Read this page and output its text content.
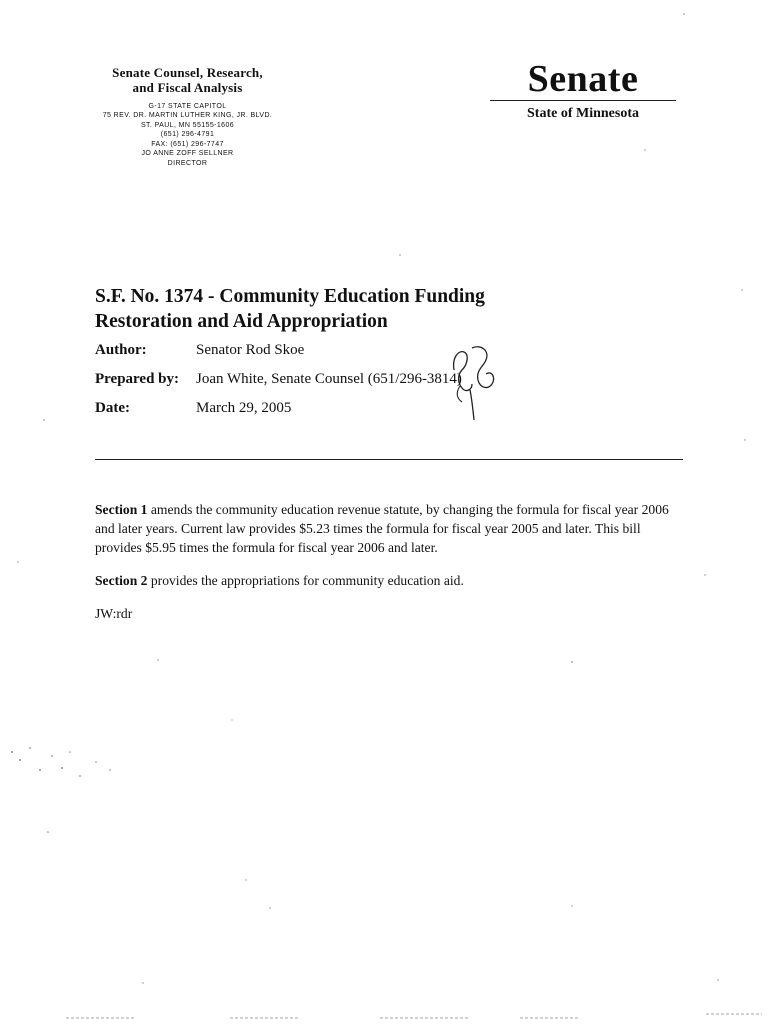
Senate Counsel, Research,
and Fiscal Analysis
G-17 STATE CAPITOL
75 REV. DR. MARTIN LUTHER KING, JR. BLVD.
ST. PAUL, MN 55155-1606
(651) 296-4791
FAX: (651) 296-7747
JO ANNE ZOFF SELLNER
DIRECTOR
Senate
State of Minnesota
S.F. No. 1374 - Community Education Funding
Restoration and Aid Appropriation
Author:	Senator Rod Skoe
Prepared by: Joan White, Senate Counsel (651/296-3814)
Date:	March 29, 2005

Section 1 amends the community education revenue statute, by changing the formula for fiscal year 2006 and later years. Current law provides $5.23 times the formula for fiscal year 2005 and later. This bill provides $5.95 times the formula for fiscal year 2006 and later.

Section 2 provides the appropriations for community education aid.

JW:rdr
